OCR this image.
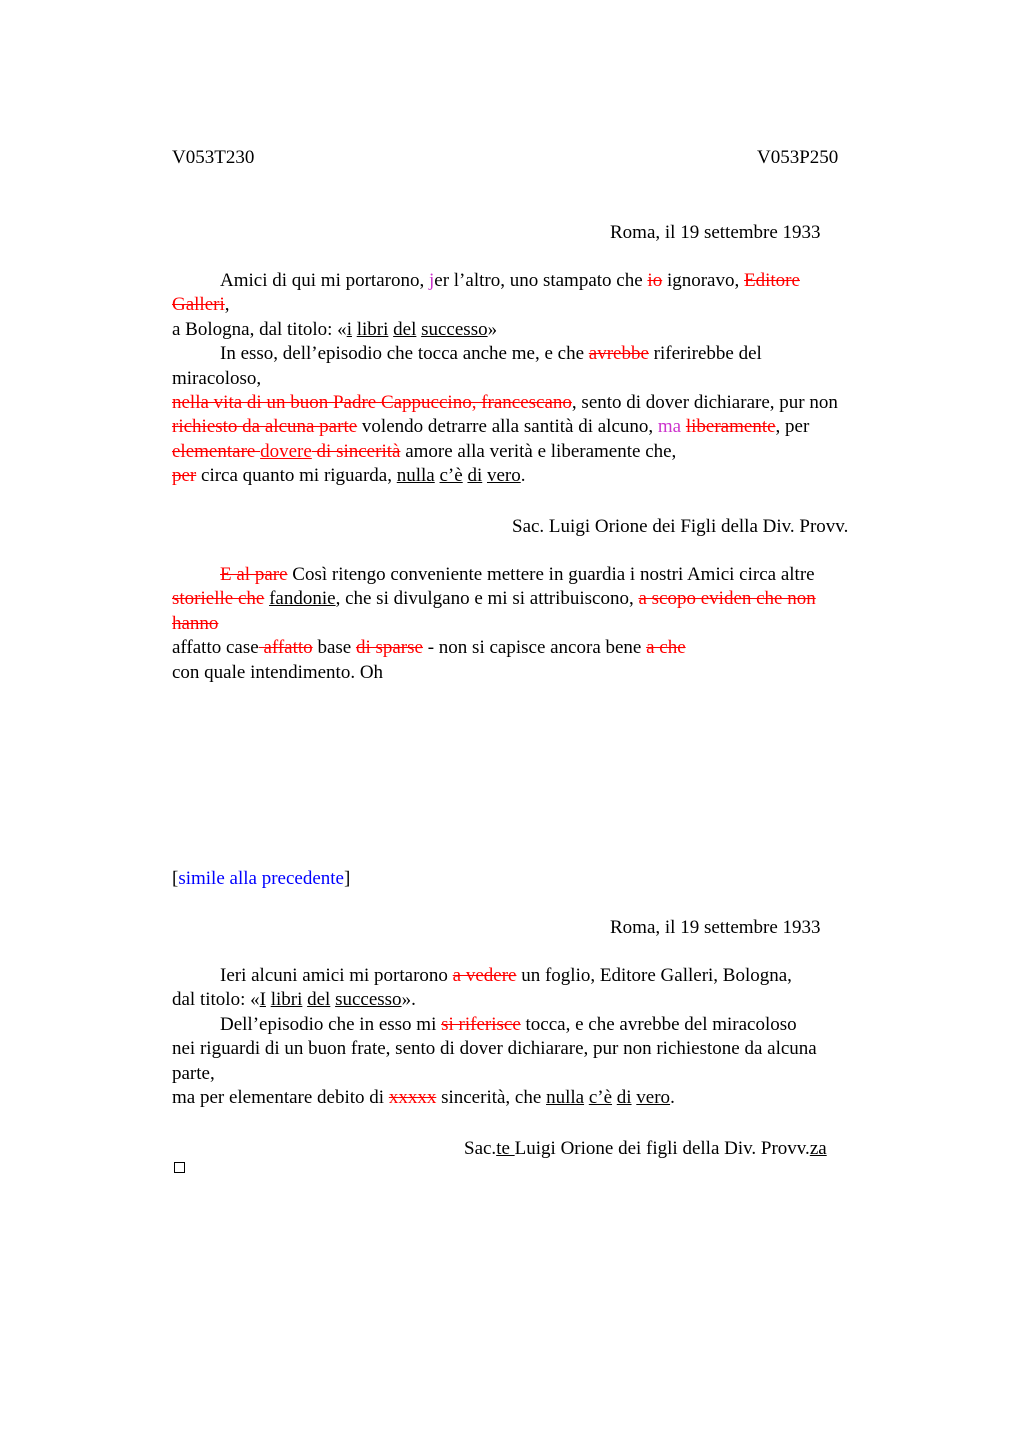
V053T230	V053P250
Roma, il 19 settembre 1933
Amici di qui mi portarono, jer l’altro, uno stampato che io ignoravo, Editore
Galleri,
a Bologna, dal titolo: «i libri del successo»
In esso, dell’episodio che tocca anche me, e che avrebbe riferirebbe del
miracoloso,
nella vita di un buon Padre Cappuccino, francescano, sento di dover dichiarare, pur non
richiesto da alcuna parte volendo detrarre alla santità di alcuno, ma liberamente, per
elementare dovere di sincerità amore alla verità e liberamente che,
per circa quanto mi riguarda, nulla c’è di vero.
Sac. Luigi Orione dei Figli della Div. Provv.
E al pare Così ritengo conveniente mettere in guardia i nostri Amici circa altre
storielle che fandonie, che si divulgano e mi si attribuiscono, a scopo eviden che non
hanno
affatto case affatto base di sparse - non si capisce ancora bene a che
con quale intendimento. Oh
[simile alla precedente]
Roma, il 19 settembre 1933
Ieri alcuni amici mi portarono a vedere un foglio, Editore Galleri, Bologna,
dal titolo: «I libri del successo».
Dell’episodio che in esso mi si riferisce tocca, e che avrebbe del miracoloso
nei riguardi di un buon frate, sento di dover dichiarare, pur non richiestone da alcuna
parte,
ma per elementare debito di xxxxx sincerità, che nulla c’è di vero.
Sac.te Luigi Orione dei figli della Div. Provv.za
